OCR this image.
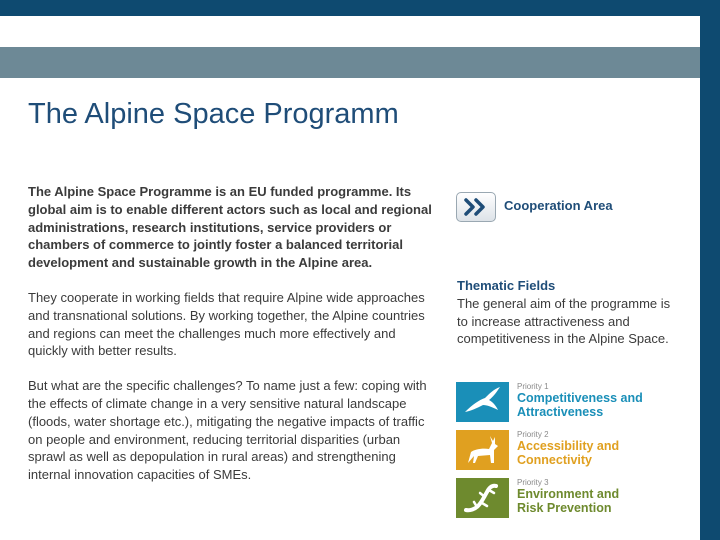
The Alpine Space Programm

The Alpine Space Programme is an EU funded programme. Its global aim is to enable different actors such as local and regional administrations, research institutions, service providers or chambers of commerce to jointly foster a balanced territorial development and sustainable growth in the Alpine area.

They cooperate in working fields that require Alpine wide approaches and transnational solutions. By working together, the Alpine countries and regions can meet the challenges much more effectively and quickly with better results.

But what are the specific challenges? To name just a few: coping with the effects of climate change in a very sensitive natural landscape (floods, water shortage etc.), mitigating the negative impacts of traffic on people and environment, reducing territorial disparities (urban sprawl as well as depopulation in rural areas) and strengthening internal innovation capacities of SMEs.

Cooperation Area
Thematic Fields

The general aim of the programme is to increase attractiveness and competitiveness in the Alpine Space.

Priority 1
Competitiveness and
Attractiveness
Priority 2
Accessibility and
Connectivity
Priority 3
Environment and
Risk Prevention
